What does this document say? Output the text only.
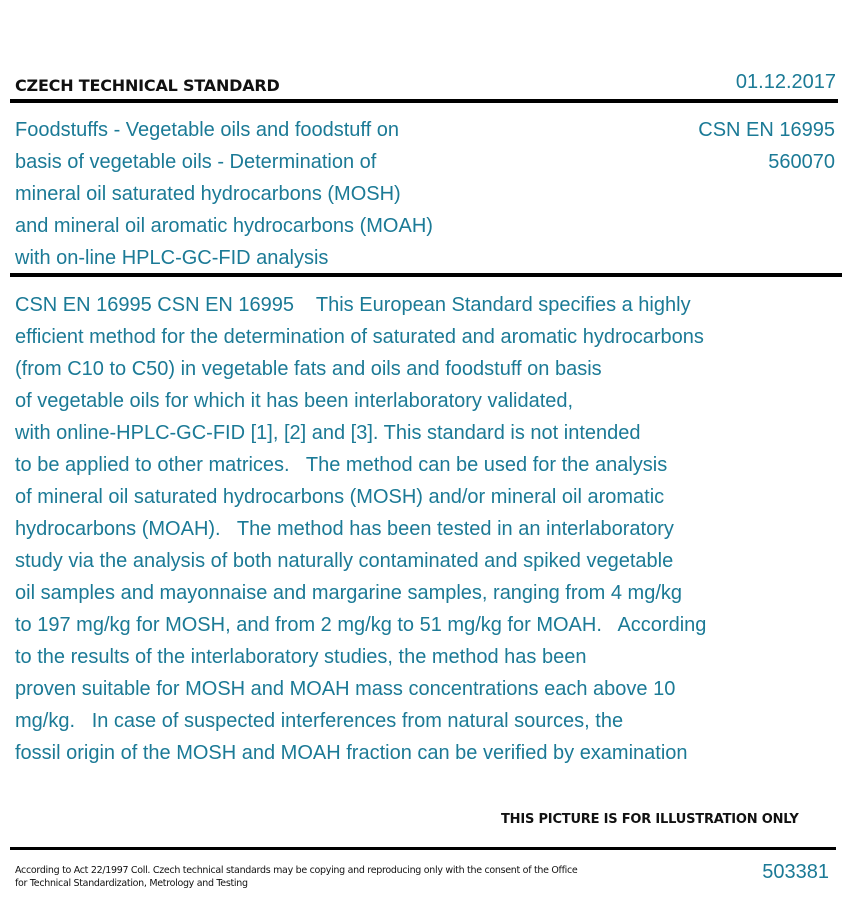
CZECH TECHNICAL STANDARD	01.12.2017
Foodstuffs - Vegetable oils and foodstuff on
basis of vegetable oils - Determination of
mineral oil saturated hydrocarbons (MOSH)
and mineral oil aromatic hydrocarbons (MOAH)
with on-line HPLC-GC-FID analysis
CSN EN 16995
560070
CSN EN 16995 CSN EN 16995    This European Standard specifies a highly
efficient method for the determination of saturated and aromatic hydrocarbons
(from C10 to C50) in vegetable fats and oils and foodstuff on basis
of vegetable oils for which it has been interlaboratory validated,
with online-HPLC-GC-FID [1], [2] and [3]. This standard is not intended
to be applied to other matrices.   The method can be used for the analysis
of mineral oil saturated hydrocarbons (MOSH) and/or mineral oil aromatic
hydrocarbons (MOAH).   The method has been tested in an interlaboratory
study via the analysis of both naturally contaminated and spiked vegetable
oil samples and mayonnaise and margarine samples, ranging from 4 mg/kg
to 197 mg/kg for MOSH, and from 2 mg/kg to 51 mg/kg for MOAH.   According
to the results of the interlaboratory studies, the method has been
proven suitable for MOSH and MOAH mass concentrations each above 10
mg/kg.   In case of suspected interferences from natural sources, the
fossil origin of the MOSH and MOAH fraction can be verified by examination
THIS PICTURE IS FOR ILLUSTRATION ONLY
According to Act 22/1997 Coll. Czech technical standards may be copying and reproducing only with the consent of the Office
for Technical Standardization, Metrology and Testing
503381
